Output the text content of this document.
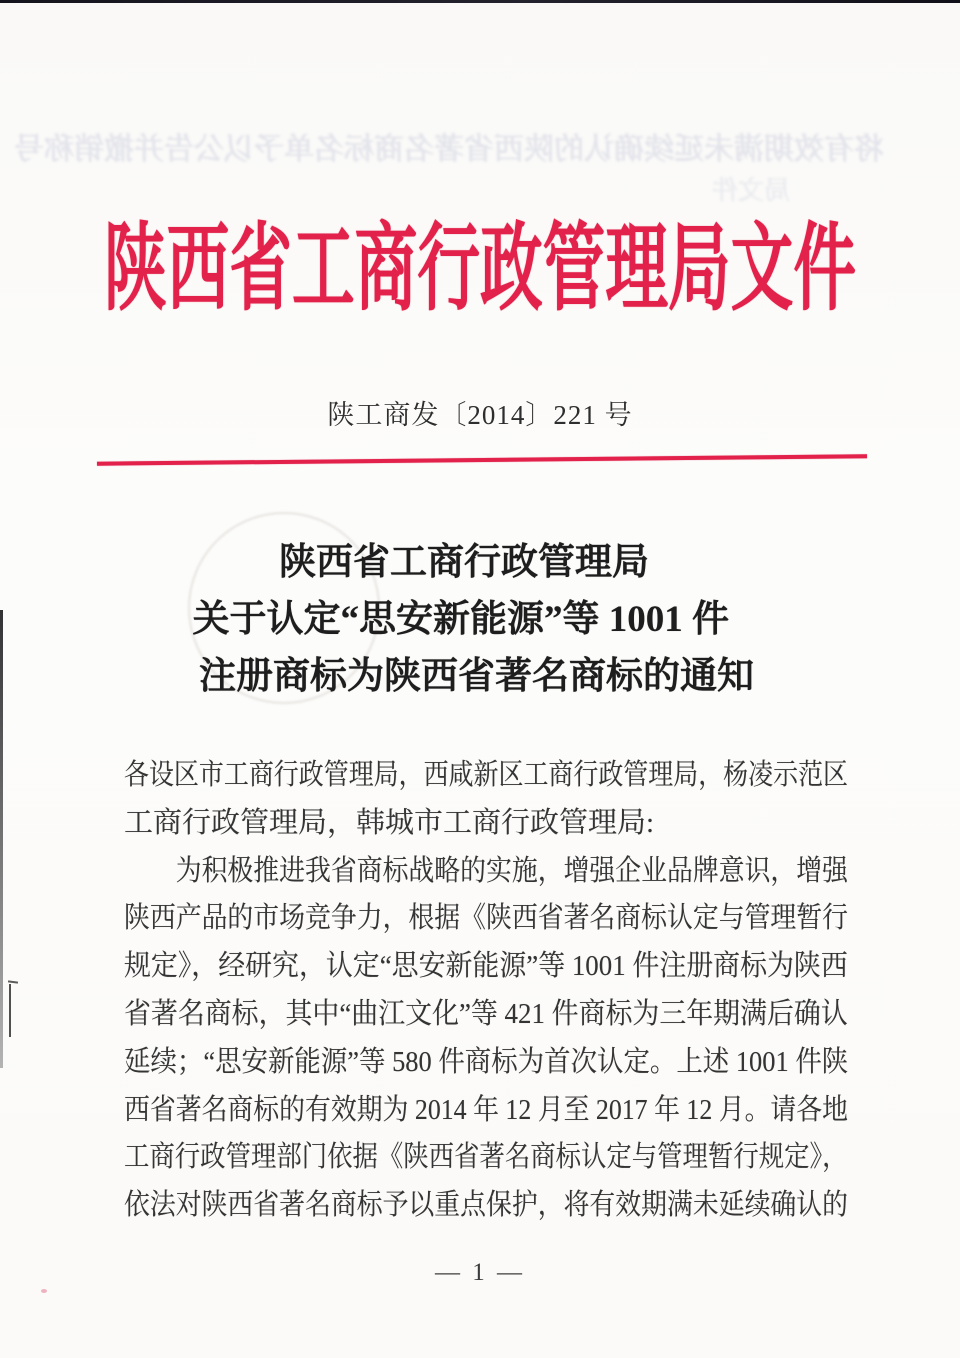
将有效期满未延续确认的陕西省著名商标名单予以公告并撤销称号
局文件
陕西省工商行政管理局文件
陕工商发〔2014〕221 号
陕西省工商行政管理局
关于认定“思安新能源”等 1001 件
注册商标为陕西省著名商标的通知
各设区市工商行政管理局，西咸新区工商行政管理局，杨凌示范区
工商行政管理局，韩城市工商行政管理局:
为积极推进我省商标战略的实施，增强企业品牌意识，增强
陕西产品的市场竞争力，根据《陕西省著名商标认定与管理暂行
规定》，经研究，认定“思安新能源”等 1001 件注册商标为陕西
省著名商标，其中“曲江文化”等 421 件商标为三年期满后确认
延续；“思安新能源”等 580 件商标为首次认定。上述 1001 件陕
西省著名商标的有效期为 2014 年 12 月至 2017 年 12 月。请各地
工商行政管理部门依据《陕西省著名商标认定与管理暂行规定》，
依法对陕西省著名商标予以重点保护，将有效期满未延续确认的
— 1 —
